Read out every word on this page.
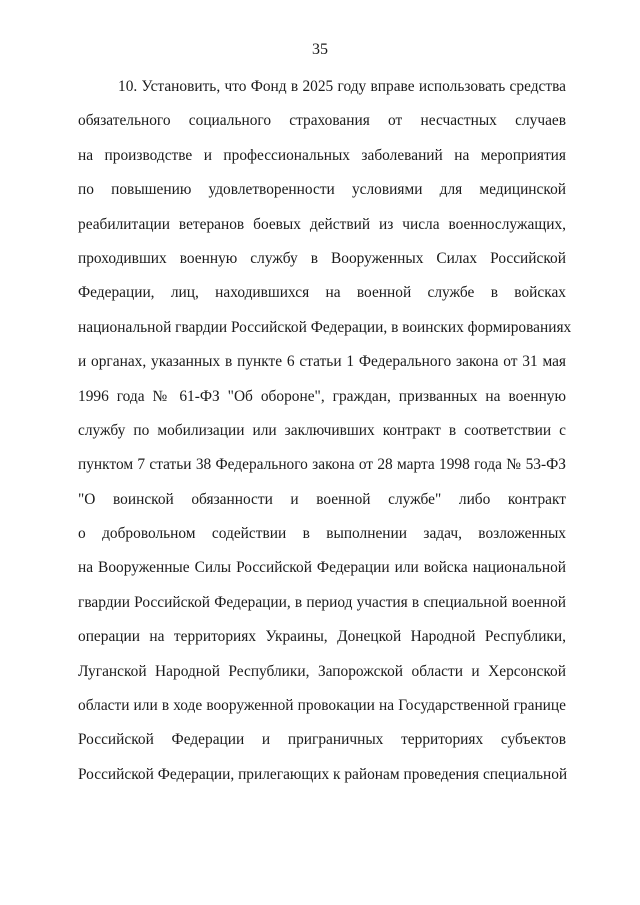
35
10. Установить, что Фонд в 2025 году вправе использовать средства
обязательного социального страхования от несчастных случаев
на производстве и профессиональных заболеваний на мероприятия
по повышению удовлетворенности условиями для медицинской
реабилитации ветеранов боевых действий из числа военнослужащих,
проходивших военную службу в Вооруженных Силах Российской
Федерации, лиц, находившихся на военной службе в войсках
национальной гвардии Российской Федерации, в воинских формированиях
и органах, указанных в пункте 6 статьи 1 Федерального закона от 31 мая
1996 года № 61-ФЗ "Об обороне", граждан, призванных на военную
службу по мобилизации или заключивших контракт в соответствии с
пунктом 7 статьи 38 Федерального закона от 28 марта 1998 года № 53-ФЗ
"О воинской обязанности и военной службе" либо контракт
о добровольном содействии в выполнении задач, возложенных
на Вооруженные Силы Российской Федерации или войска национальной
гвардии Российской Федерации, в период участия в специальной военной
операции на территориях Украины, Донецкой Народной Республики,
Луганской Народной Республики, Запорожской области и Херсонской
области или в ходе вооруженной провокации на Государственной границе
Российской Федерации и приграничных территориях субъектов
Российской Федерации, прилегающих к районам проведения специальной
